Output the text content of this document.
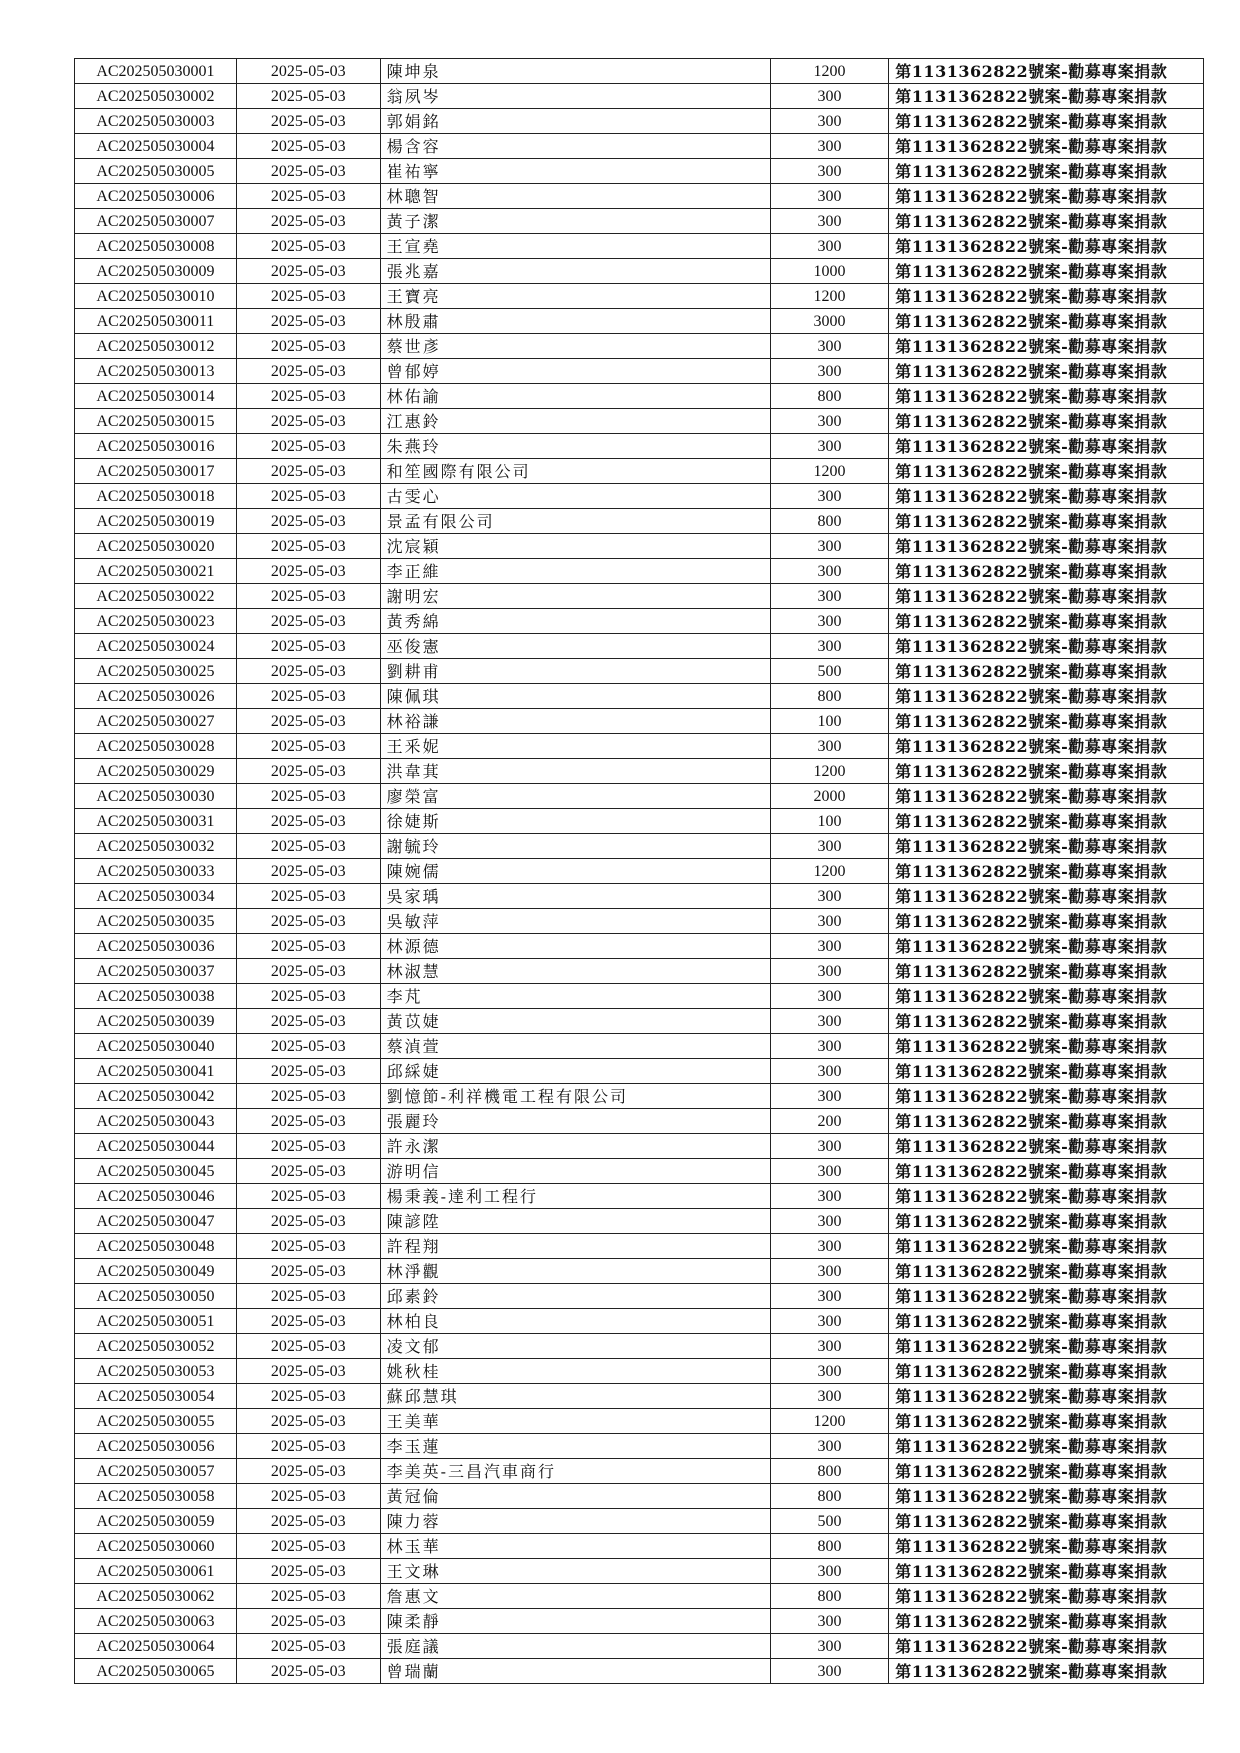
AC202505030001	2025-05-03	陳坤泉	1200	第1131362822號案-勸募專案捐款
AC202505030002	2025-05-03	翁夙岑	300	第1131362822號案-勸募專案捐款
AC202505030003	2025-05-03	郭娟銘	300	第1131362822號案-勸募專案捐款
AC202505030004	2025-05-03	楊含容	300	第1131362822號案-勸募專案捐款
AC202505030005	2025-05-03	崔祐寧	300	第1131362822號案-勸募專案捐款
AC202505030006	2025-05-03	林聰智	300	第1131362822號案-勸募專案捐款
AC202505030007	2025-05-03	黃子潔	300	第1131362822號案-勸募專案捐款
AC202505030008	2025-05-03	王宣堯	300	第1131362822號案-勸募專案捐款
AC202505030009	2025-05-03	張兆嘉	1000	第1131362822號案-勸募專案捐款
AC202505030010	2025-05-03	王寶亮	1200	第1131362822號案-勸募專案捐款
AC202505030011	2025-05-03	林殷肅	3000	第1131362822號案-勸募專案捐款
AC202505030012	2025-05-03	蔡世彥	300	第1131362822號案-勸募專案捐款
AC202505030013	2025-05-03	曾郁婷	300	第1131362822號案-勸募專案捐款
AC202505030014	2025-05-03	林佑諭	800	第1131362822號案-勸募專案捐款
AC202505030015	2025-05-03	江惠鈴	300	第1131362822號案-勸募專案捐款
AC202505030016	2025-05-03	朱燕玲	300	第1131362822號案-勸募專案捐款
AC202505030017	2025-05-03	和笙國際有限公司	1200	第1131362822號案-勸募專案捐款
AC202505030018	2025-05-03	古雯心	300	第1131362822號案-勸募專案捐款
AC202505030019	2025-05-03	景孟有限公司	800	第1131362822號案-勸募專案捐款
AC202505030020	2025-05-03	沈宸穎	300	第1131362822號案-勸募專案捐款
AC202505030021	2025-05-03	李正維	300	第1131362822號案-勸募專案捐款
AC202505030022	2025-05-03	謝明宏	300	第1131362822號案-勸募專案捐款
AC202505030023	2025-05-03	黃秀綿	300	第1131362822號案-勸募專案捐款
AC202505030024	2025-05-03	巫俊憲	300	第1131362822號案-勸募專案捐款
AC202505030025	2025-05-03	劉耕甫	500	第1131362822號案-勸募專案捐款
AC202505030026	2025-05-03	陳佩琪	800	第1131362822號案-勸募專案捐款
AC202505030027	2025-05-03	林裕謙	100	第1131362822號案-勸募專案捐款
AC202505030028	2025-05-03	王釆妮	300	第1131362822號案-勸募專案捐款
AC202505030029	2025-05-03	洪韋萁	1200	第1131362822號案-勸募專案捐款
AC202505030030	2025-05-03	廖榮富	2000	第1131362822號案-勸募專案捐款
AC202505030031	2025-05-03	徐婕斯	100	第1131362822號案-勸募專案捐款
AC202505030032	2025-05-03	謝毓玲	300	第1131362822號案-勸募專案捐款
AC202505030033	2025-05-03	陳婉儒	1200	第1131362822號案-勸募專案捐款
AC202505030034	2025-05-03	吳家瑀	300	第1131362822號案-勸募專案捐款
AC202505030035	2025-05-03	吳敏萍	300	第1131362822號案-勸募專案捐款
AC202505030036	2025-05-03	林源德	300	第1131362822號案-勸募專案捐款
AC202505030037	2025-05-03	林淑慧	300	第1131362822號案-勸募專案捐款
AC202505030038	2025-05-03	李芃	300	第1131362822號案-勸募專案捐款
AC202505030039	2025-05-03	黃苡婕	300	第1131362822號案-勸募專案捐款
AC202505030040	2025-05-03	蔡湞萱	300	第1131362822號案-勸募專案捐款
AC202505030041	2025-05-03	邱綵婕	300	第1131362822號案-勸募專案捐款
AC202505030042	2025-05-03	劉憶節-利祥機電工程有限公司	300	第1131362822號案-勸募專案捐款
AC202505030043	2025-05-03	張麗玲	200	第1131362822號案-勸募專案捐款
AC202505030044	2025-05-03	許永潔	300	第1131362822號案-勸募專案捐款
AC202505030045	2025-05-03	游明信	300	第1131362822號案-勸募專案捐款
AC202505030046	2025-05-03	楊秉義-達利工程行	300	第1131362822號案-勸募專案捐款
AC202505030047	2025-05-03	陳諺陞	300	第1131362822號案-勸募專案捐款
AC202505030048	2025-05-03	許程翔	300	第1131362822號案-勸募專案捐款
AC202505030049	2025-05-03	林淨觀	300	第1131362822號案-勸募專案捐款
AC202505030050	2025-05-03	邱素鈴	300	第1131362822號案-勸募專案捐款
AC202505030051	2025-05-03	林柏良	300	第1131362822號案-勸募專案捐款
AC202505030052	2025-05-03	凌文郁	300	第1131362822號案-勸募專案捐款
AC202505030053	2025-05-03	姚秋桂	300	第1131362822號案-勸募專案捐款
AC202505030054	2025-05-03	蘇邱慧琪	300	第1131362822號案-勸募專案捐款
AC202505030055	2025-05-03	王美華	1200	第1131362822號案-勸募專案捐款
AC202505030056	2025-05-03	李玉蓮	300	第1131362822號案-勸募專案捐款
AC202505030057	2025-05-03	李美英-三昌汽車商行	800	第1131362822號案-勸募專案捐款
AC202505030058	2025-05-03	黃冠倫	800	第1131362822號案-勸募專案捐款
AC202505030059	2025-05-03	陳力蓉	500	第1131362822號案-勸募專案捐款
AC202505030060	2025-05-03	林玉華	800	第1131362822號案-勸募專案捐款
AC202505030061	2025-05-03	王文琳	300	第1131362822號案-勸募專案捐款
AC202505030062	2025-05-03	詹惠文	800	第1131362822號案-勸募專案捐款
AC202505030063	2025-05-03	陳柔靜	300	第1131362822號案-勸募專案捐款
AC202505030064	2025-05-03	張庭議	300	第1131362822號案-勸募專案捐款
AC202505030065	2025-05-03	曾瑞蘭	300	第1131362822號案-勸募專案捐款
